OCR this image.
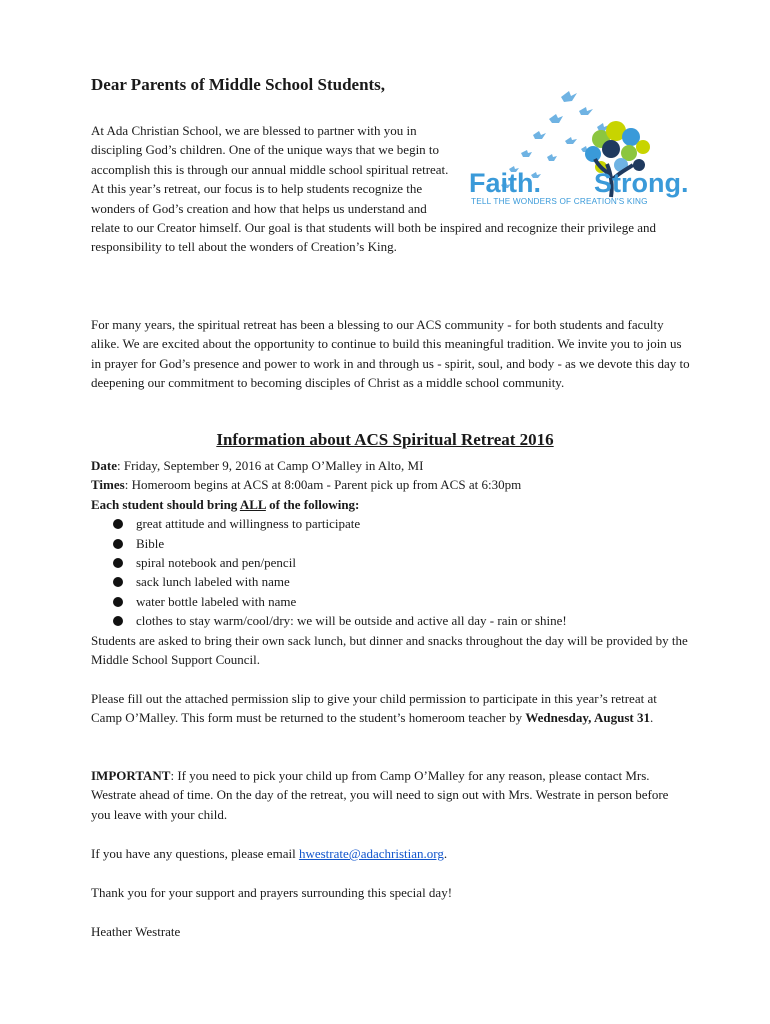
Dear Parents of Middle School Students,

Faith. Strong.
TELL THE WONDERS OF CREATION'S KING
At Ada Christian School, we are blessed to partner with you in discipling God’s children. One of the unique ways that we begin to accomplish this is through our annual middle school spiritual retreat. At this year’s retreat, our focus is to help students recognize the wonders of God’s creation and how that helps us understand and relate to our Creator himself. Our goal is that students will both be inspired and recognize their privilege and responsibility to tell about the wonders of Creation’s King.

For many years, the spiritual retreat has been a blessing to our ACS community - for both students and faculty alike. We are excited about the opportunity to continue to build this meaningful tradition. We invite you to join us in prayer for God’s presence and power to work in and through us - spirit, soul, and body - as we devote this day to deepening our commitment to becoming disciples of Christ as a middle school community.

Information about ACS Spiritual Retreat 2016

Date: Friday, September 9, 2016 at Camp O’Malley in Alto, MI

Times: Homeroom begins at ACS at 8:00am - Parent pick up from ACS at 6:30pm

Each student should bring ALL of the following:

great attitude and willingness to participate
Bible
spiral notebook and pen/pencil
sack lunch labeled with name
water bottle labeled with name
clothes to stay warm/cool/dry: we will be outside and active all day - rain or shine!

Students are asked to bring their own sack lunch, but dinner and snacks throughout the day will be provided by the Middle School Support Council.

Please fill out the attached permission slip to give your child permission to participate in this year’s retreat at Camp O’Malley. This form must be returned to the student’s homeroom teacher by Wednesday, August 31.

IMPORTANT: If you need to pick your child up from Camp O’Malley for any reason, please contact Mrs. Westrate ahead of time. On the day of the retreat, you will need to sign out with Mrs. Westrate in person before you leave with your child.

If you have any questions, please email hwestrate@adachristian.org.

Thank you for your support and prayers surrounding this special day!

Heather Westrate
